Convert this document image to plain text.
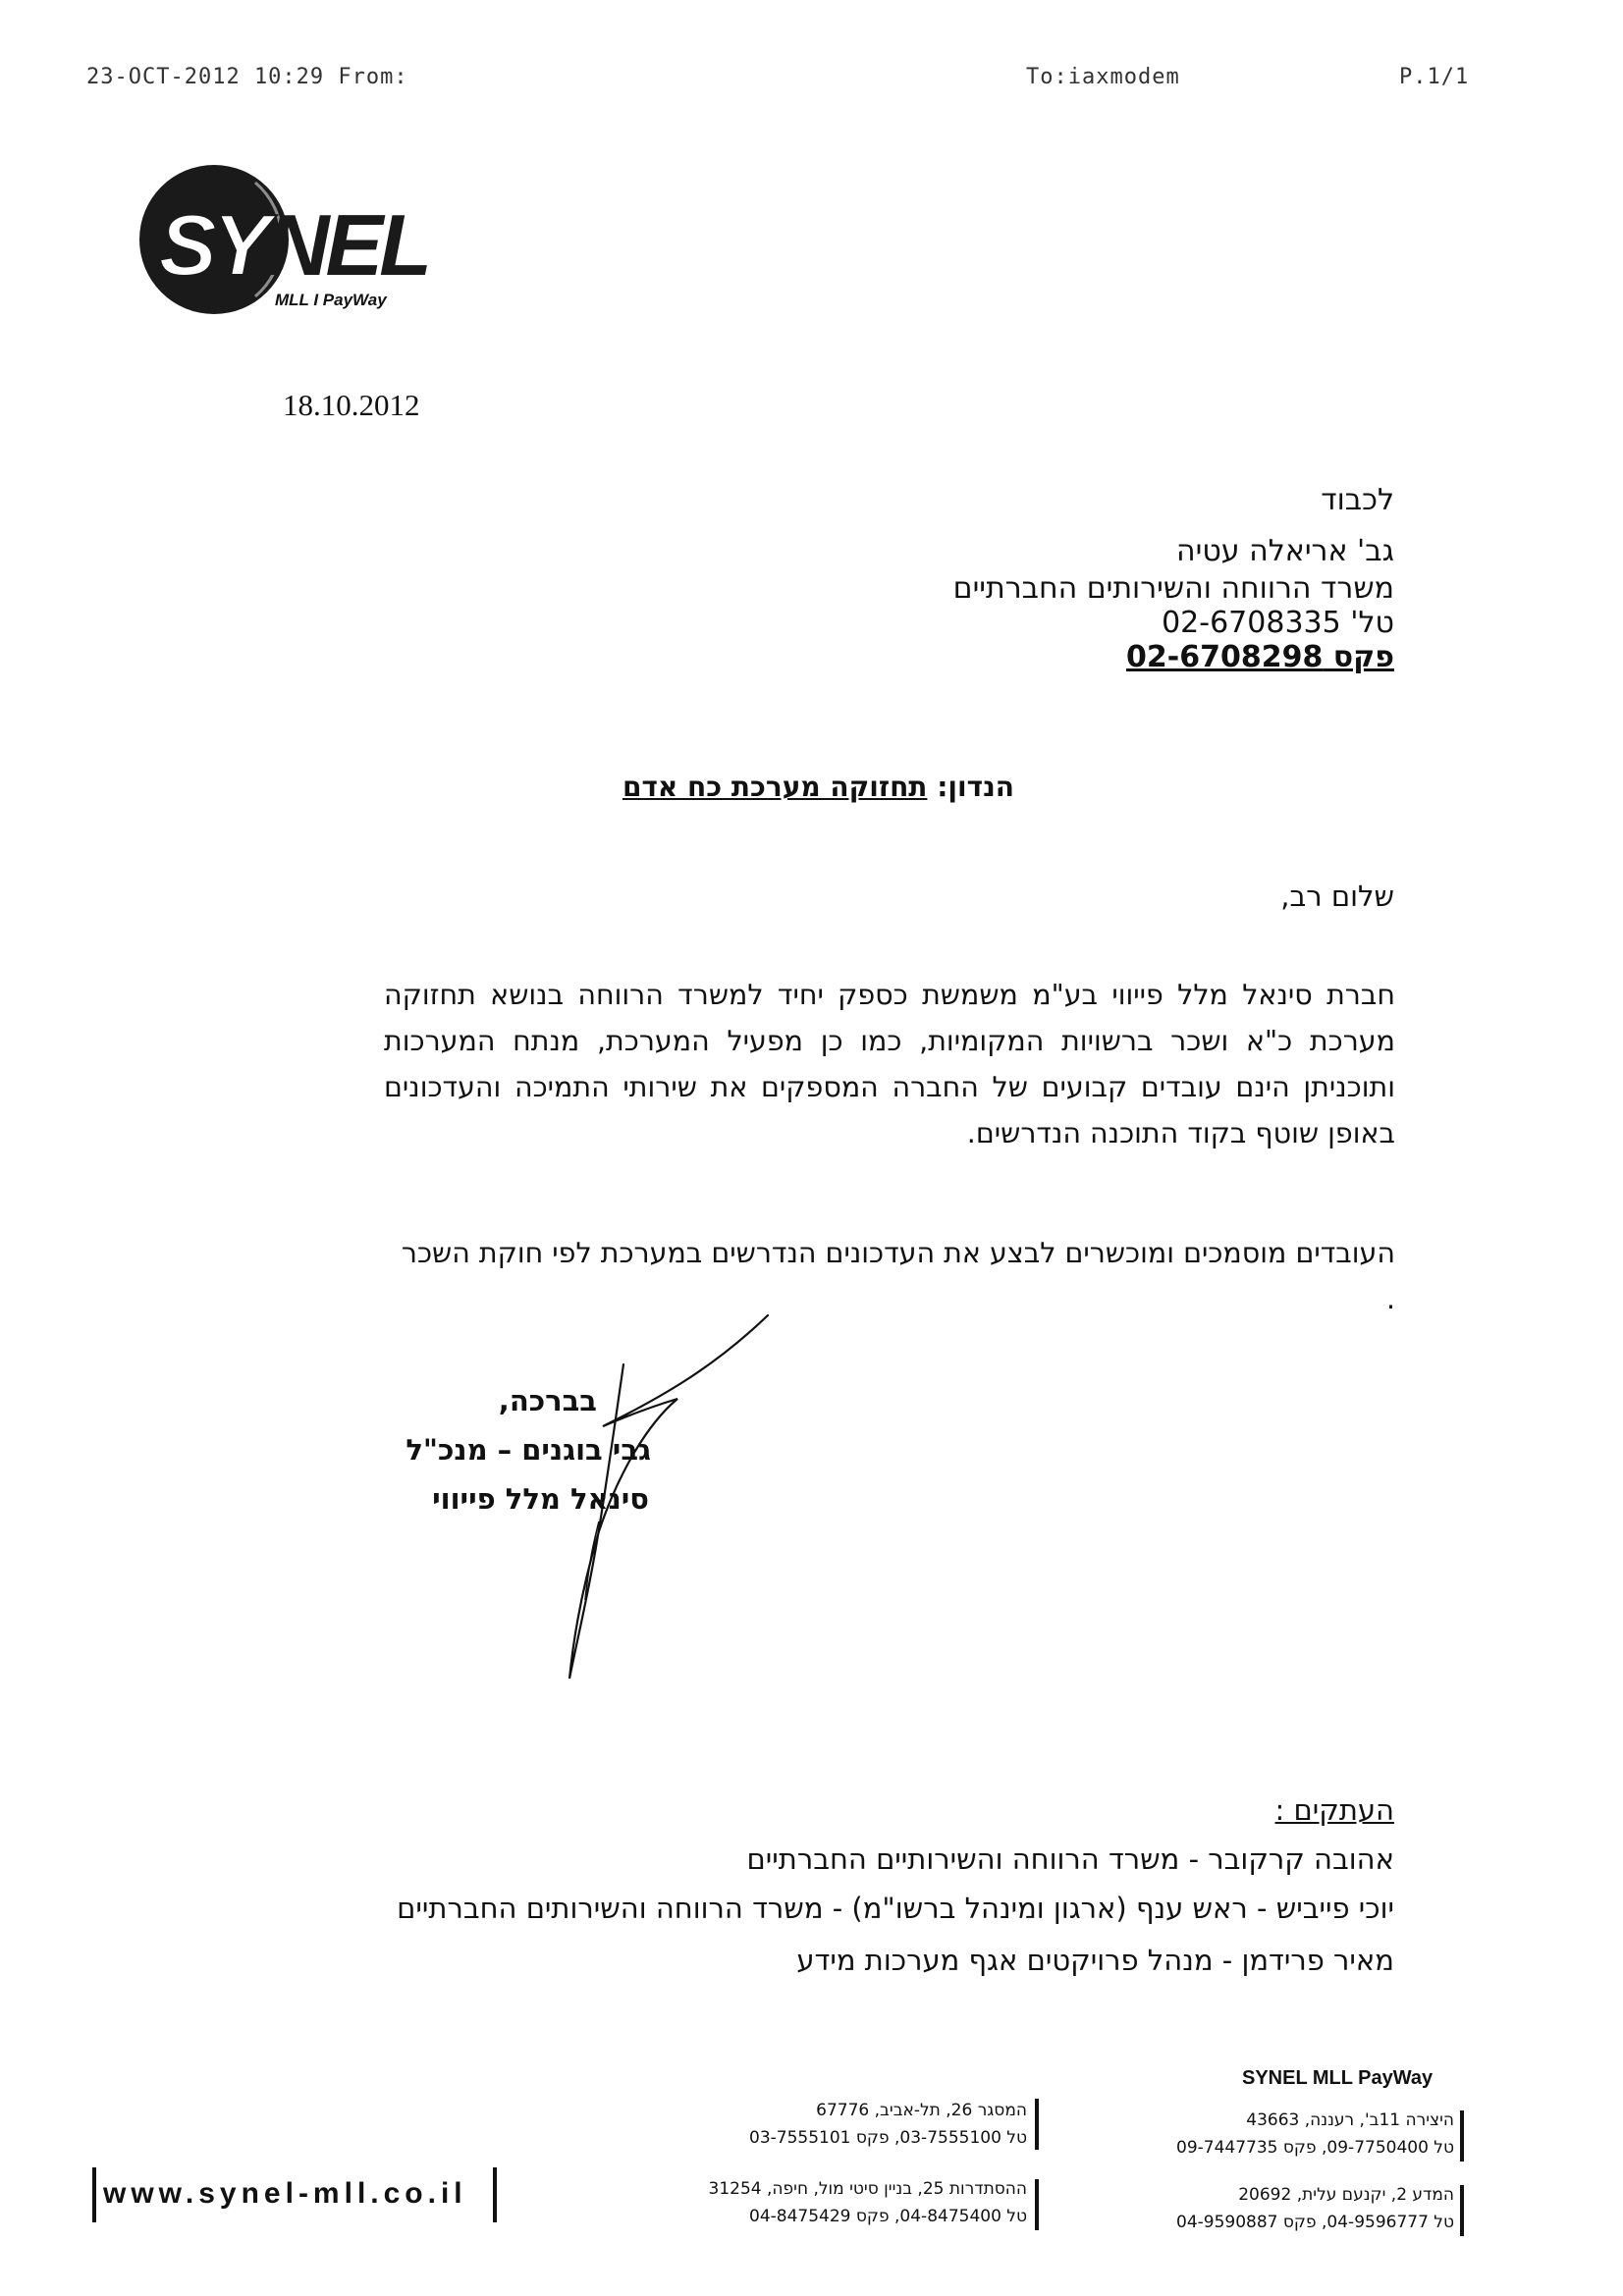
23-OCT-2012 10:29 From:	To:iaxmodem	P.1/1
SY NEL
MLL I PayWay
18.10.2012
לכבוד
גב' אריאלה עטיה
משרד הרווחה והשירותים החברתיים
טל' 02-6708335
פקס 02-6708298
הנדון: תחזוקה מערכת כח אדם
שלום רב,
חברת סינאל מלל פייווי בע"מ משמשת כספק יחיד למשרד הרווחה בנושא תחזוקה מערכת כ"א ושכר ברשויות המקומיות, כמו כן מפעיל המערכת, מנתח המערכות ותוכניתן הינם עובדים קבועים של החברה המספקים את שירותי התמיכה והעדכונים באופן שוטף בקוד התוכנה הנדרשים.
העובדים מוסמכים ומוכשרים לבצע את העדכונים הנדרשים במערכת לפי חוקת השכר .
בברכה,
גבי בוגנים – מנכ"ל
סינאל מלל פייווי
העתקים :
אהובה קרקובר - משרד הרווחה והשירותיים החברתיים
יוכי פייביש - ראש ענף (ארגון ומינהל ברשו"מ) - משרד הרווחה והשירותים החברתיים
מאיר פרידמן - מנהל פרויקטים אגף מערכות מידע
SYNEL MLL PayWay
היצירה 11ב', רעננה, 43663
טל 09-7750400, פקס 09-7447735
המסגר 26, תל-אביב, 67776
טל 03-7555100, פקס 03-7555101
המדע 2, יקנעם עלית, 20692
טל 04-9596777, פקס 04-9590887
ההסתדרות 25, בניין סיטי מול, חיפה, 31254
טל 04-8475400, פקס 04-8475429
www.synel-mll.co.il
